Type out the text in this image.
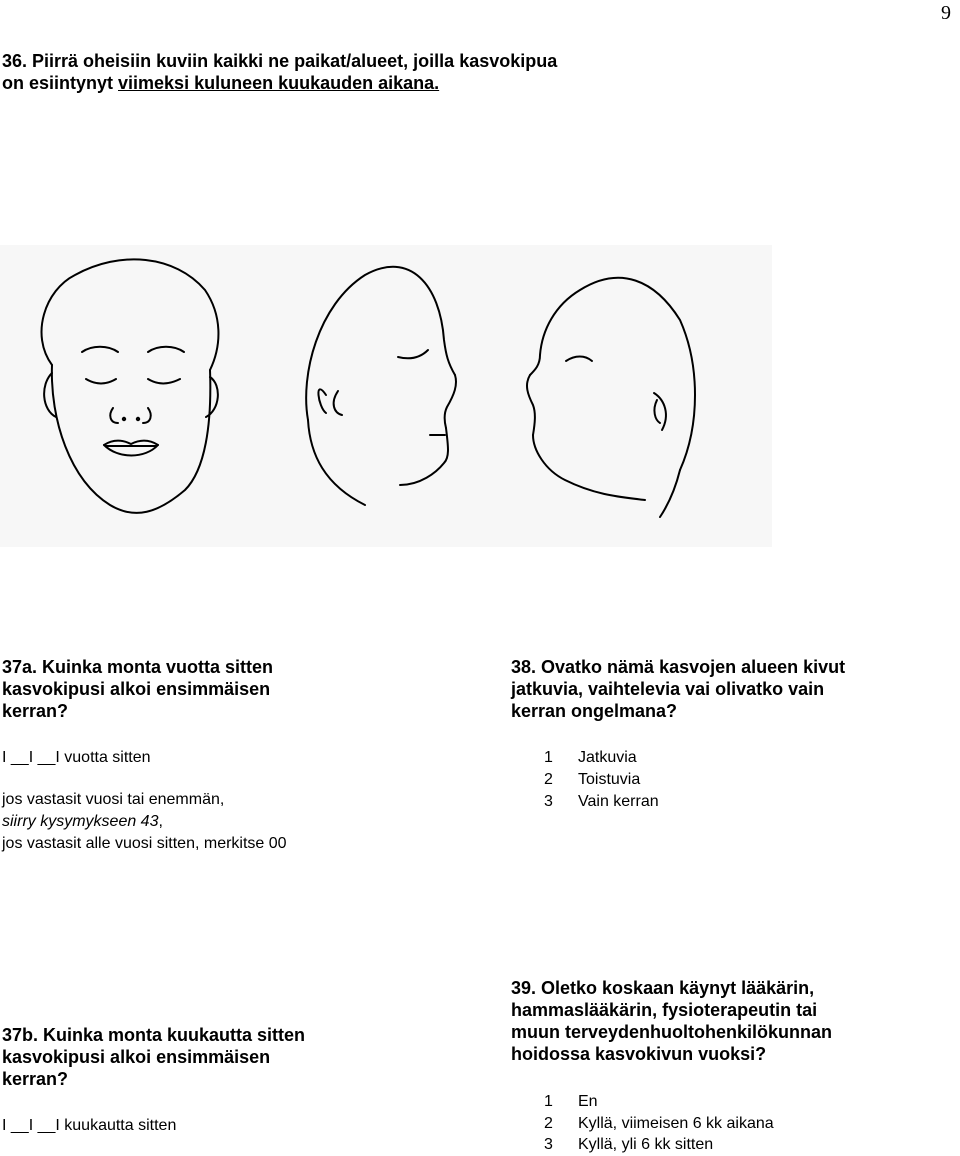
9
36. Piirrä oheisiin kuviin kaikki ne paikat/alueet, joilla kasvokipua
on esiintynyt viimeksi kuluneen kuukauden aikana.
37a. Kuinka monta vuotta sitten
kasvokipusi alkoi ensimmäisen
kerran?
I __I __I vuotta sitten
jos vastasit vuosi tai enemmän,
siirry kysymykseen 43,
jos vastasit alle vuosi sitten, merkitse 00
38. Ovatko nämä kasvojen alueen kivut
jatkuvia, vaihtelevia vai olivatko vain
kerran ongelmana?
1 Jatkuvia
2 Toistuvia
3 Vain kerran
37b. Kuinka monta kuukautta sitten
kasvokipusi alkoi ensimmäisen
kerran?
I __I __I kuukautta sitten
39. Oletko koskaan käynyt lääkärin,
hammaslääkärin, fysioterapeutin tai
muun terveydenhuoltohenkilökunnan
hoidossa kasvokivun vuoksi?
1 En
2 Kyllä, viimeisen 6 kk aikana
3 Kyllä, yli 6 kk sitten
